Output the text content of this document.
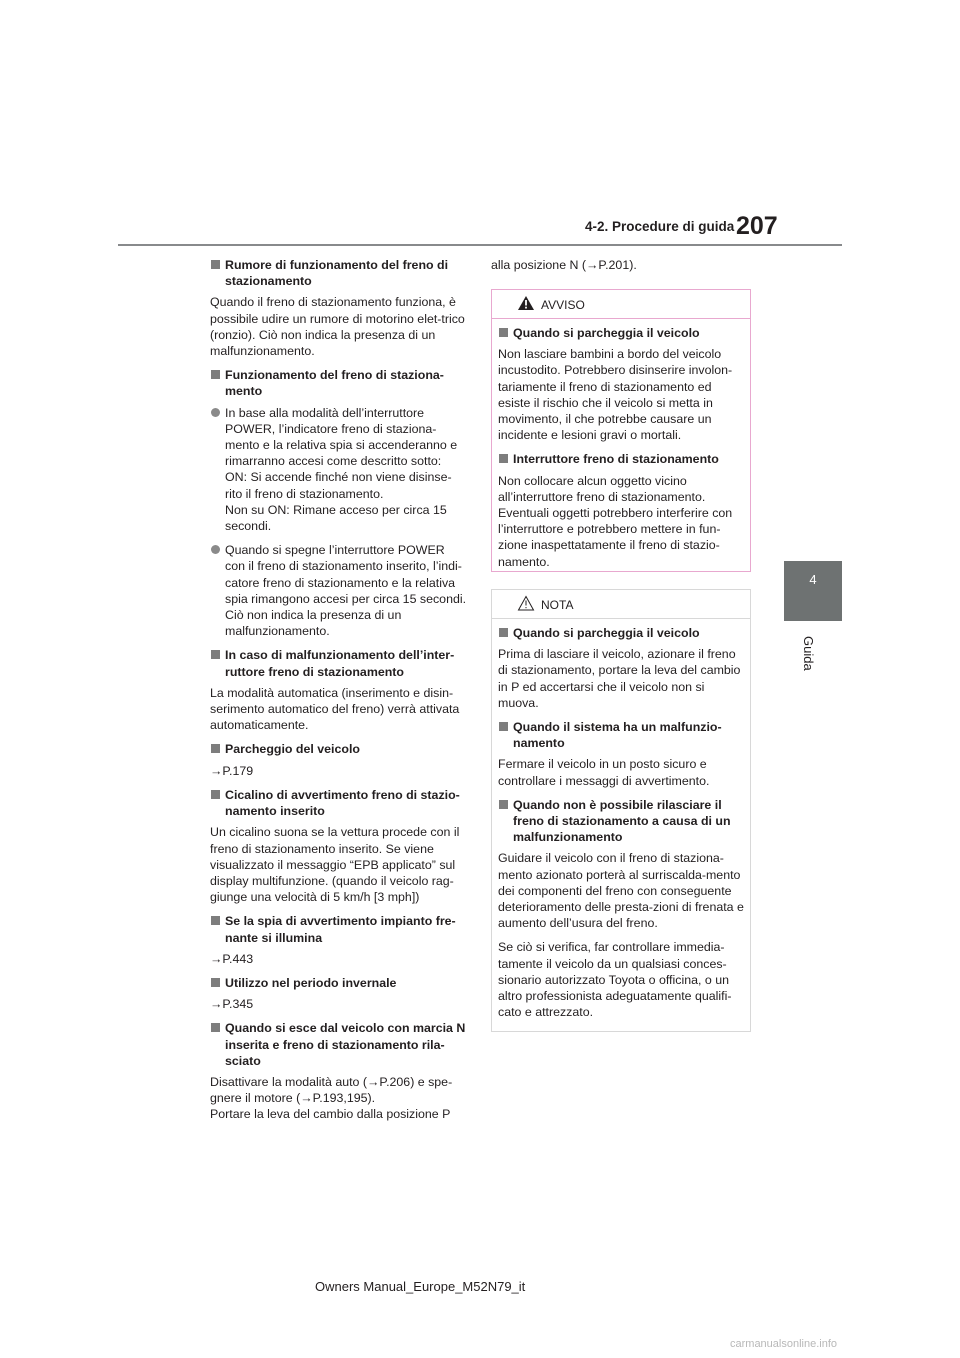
207
4-2. Procedure di guida
4
Guida
Rumore di funzionamento del freno di stazionamento

Quando il freno di stazionamento funziona, è possibile udire un rumore di motorino elet-trico (ronzio). Ciò non indica la presenza di un malfunzionamento.

Funzionamento del freno di staziona-mento
In base alla modalità dell’interruttore POWER, l’indicatore freno di staziona-mento e la relativa spia si accenderanno e rimarranno accesi come descritto sotto:
ON: Si accende finché non viene disinse-rito il freno di stazionamento.
Non su ON: Rimane acceso per circa 15 secondi.
Quando si spegne l’interruttore POWER con il freno di stazionamento inserito, l’indi-catore freno di stazionamento e la relativa spia rimangono accesi per circa 15 secondi. Ciò non indica la presenza di un malfunzionamento.
In caso di malfunzionamento dell’inter-ruttore freno di stazionamento

La modalità automatica (inserimento e disin-serimento automatico del freno) verrà attivata automaticamente.

Parcheggio del veicolo

→P.179

Cicalino di avvertimento freno di stazio-namento inserito

Un cicalino suona se la vettura procede con il freno di stazionamento inserito. Se viene visualizzato il messaggio “EPB applicato” sul display multifunzione. (quando il veicolo rag-giunge una velocità di 5 km/h [3 mph])

Se la spia di avvertimento impianto fre-nante si illumina

→P.443

Utilizzo nel periodo invernale

→P.345

Quando si esce dal veicolo con marcia N inserita e freno di stazionamento rila-sciato
Disattivare la modalità auto (→P.206) e spe-gnere il motore (→P.193,195).
Portare la leva del cambio dalla posizione P

alla posizione N (→P.201).

AVVISO
Quando si parcheggia il veicolo

Non lasciare bambini a bordo del veicolo incustodito. Potrebbero disinserire involon-tariamente il freno di stazionamento ed esiste il rischio che il veicolo si metta in movimento, il che potrebbe causare un incidente e lesioni gravi o mortali.

Interruttore freno di stazionamento

Non collocare alcun oggetto vicino all’interruttore freno di stazionamento. Eventuali oggetti potrebbero interferire con l’interruttore e potrebbero mettere in fun-zione inaspettatamente il freno di stazio-namento.

NOTA
Quando si parcheggia il veicolo

Prima di lasciare il veicolo, azionare il freno di stazionamento, portare la leva del cambio in P ed accertarsi che il veicolo non si muova.

Quando il sistema ha un malfunzio-namento

Fermare il veicolo in un posto sicuro e controllare i messaggi di avvertimento.

Quando non è possibile rilasciare il freno di stazionamento a causa di un malfunzionamento

Guidare il veicolo con il freno di staziona-mento azionato porterà al surriscalda-mento dei componenti del freno con conseguente deterioramento delle presta-zioni di frenata e aumento dell’usura del freno.

Se ciò si verifica, far controllare immedia-tamente il veicolo da un qualsiasi conces-sionario autorizzato Toyota o officina, o un altro professionista adeguatamente qualifi-cato e attrezzato.

Owners Manual_Europe_M52N79_it
carmanualsonline.info
